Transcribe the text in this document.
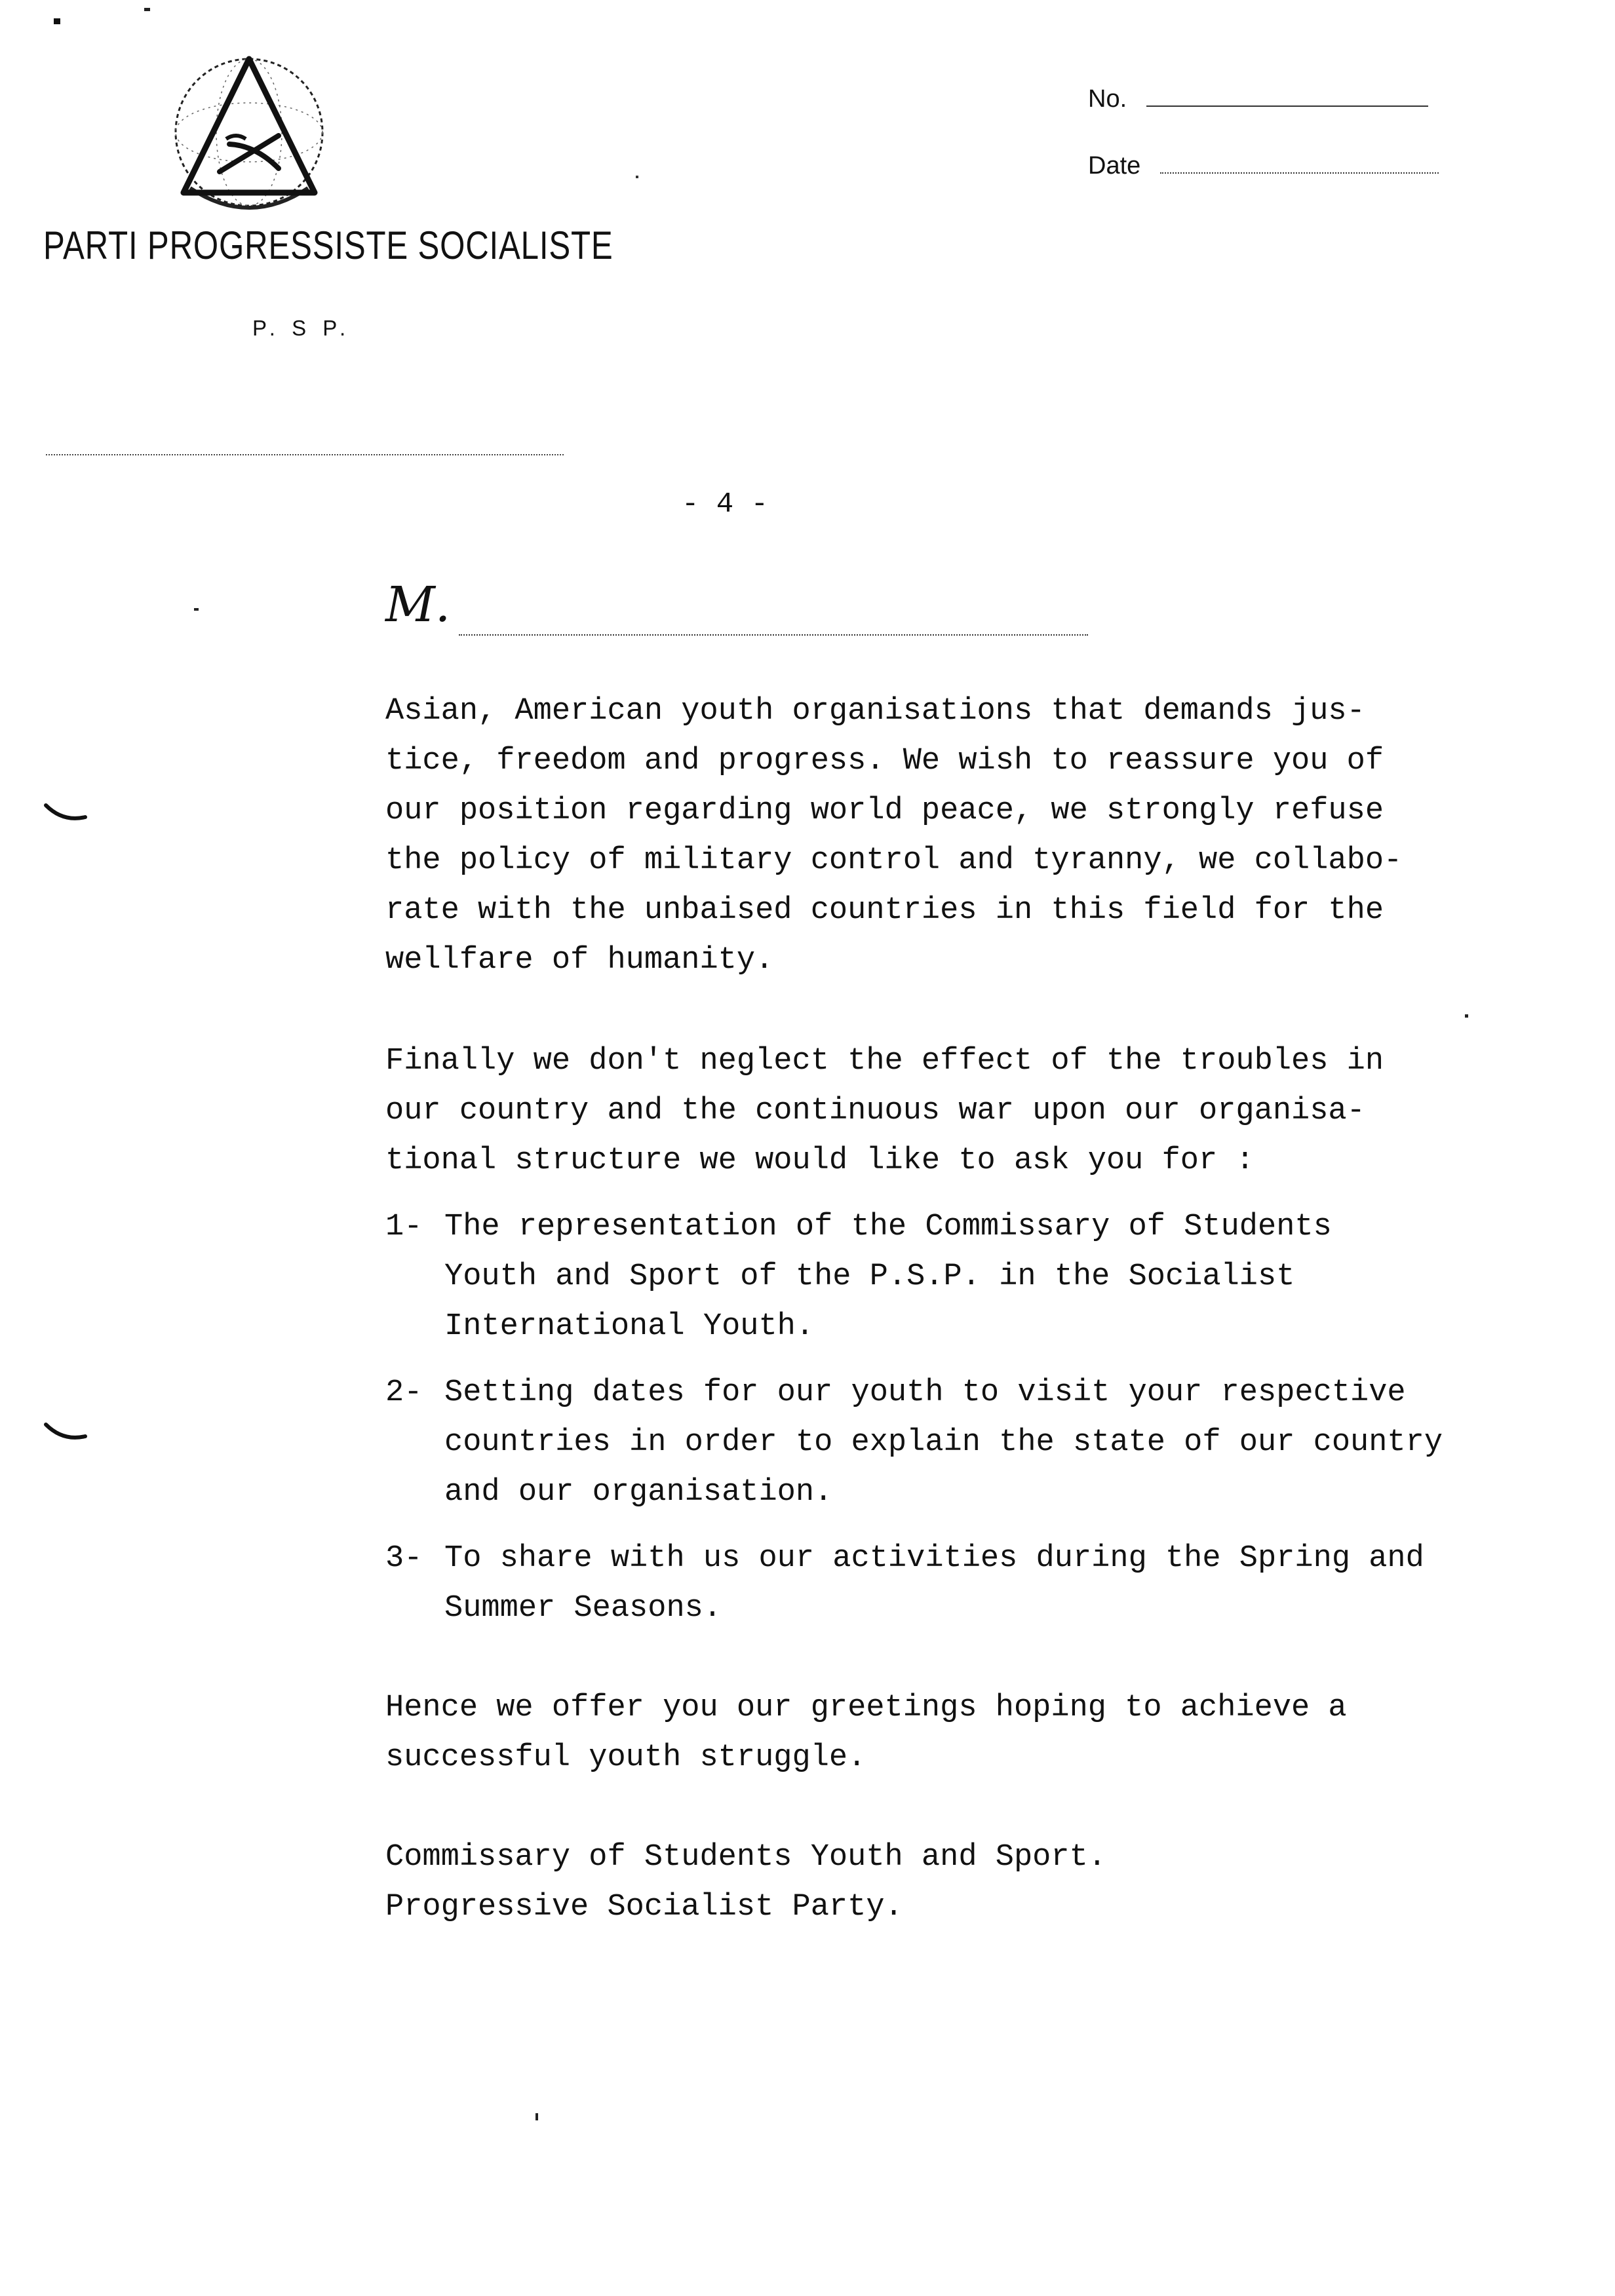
PARTI PROGRESSISTE SOCIALISTE
P. S P.
No.
Date
- 4 -
M.

Asian, American youth organisations that demands jus-

tice, freedom and progress. We wish to reassure you of

our position regarding world peace, we strongly refuse

the policy of military control and tyranny, we collabo-

rate with the unbaised countries in this field for the

wellfare of humanity.

Finally we don't neglect the effect of the troubles in

our country and the continuous war upon our organisa-

tional structure we would like to ask you for :

1- The representation of the Commissary of Students

Youth and Sport of the P.S.P. in the Socialist

International Youth.

2- Setting dates for our youth to visit your respective

countries in order to explain the state of our country

and our organisation.

3- To share with us our activities during the Spring and

Summer Seasons.

Hence we offer you our greetings hoping to achieve a

successful youth struggle.

Commissary of Students Youth and Sport.

Progressive Socialist Party.
